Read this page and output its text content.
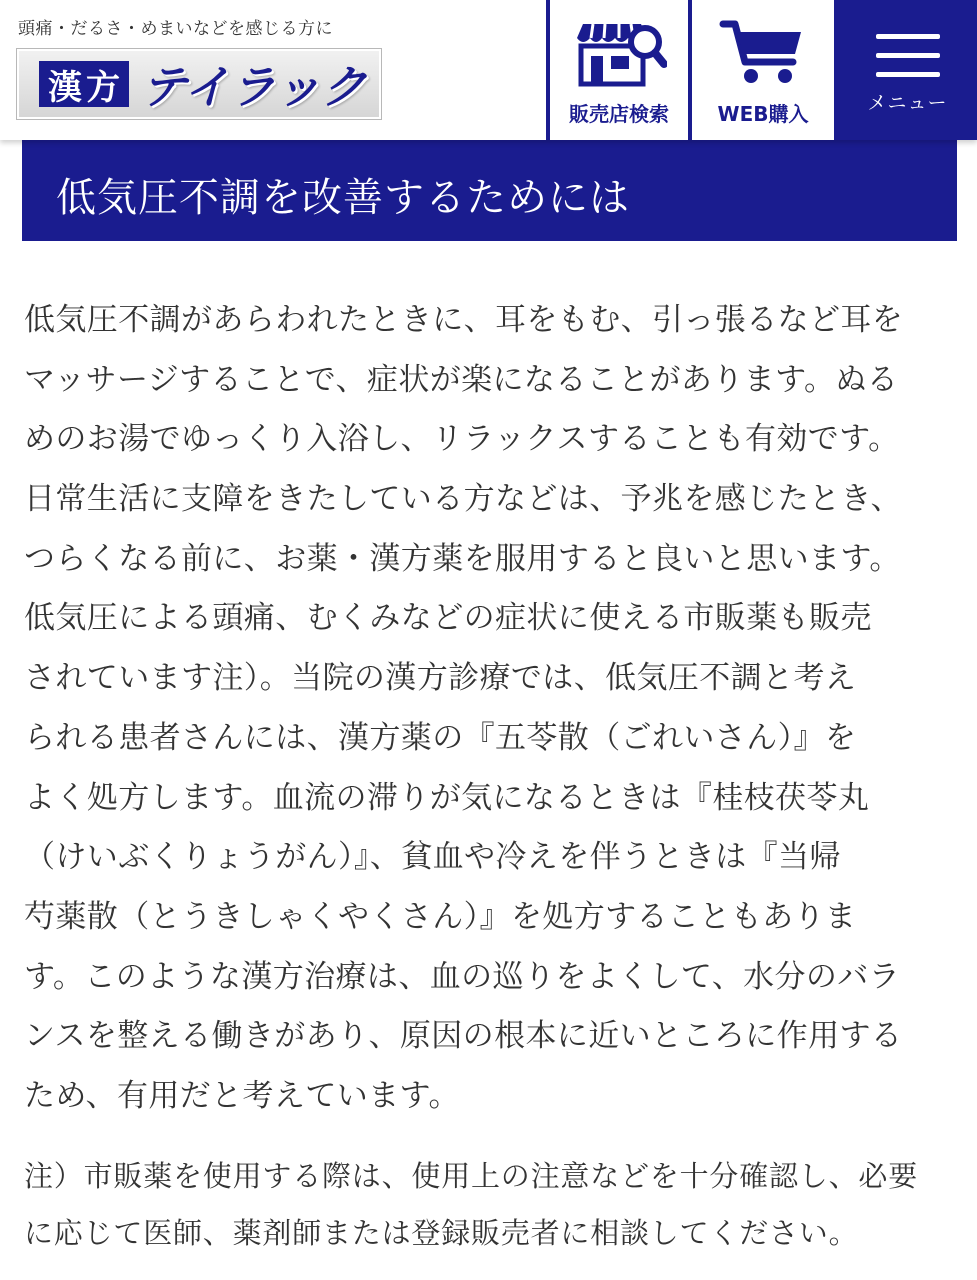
頭痛・だるさ・めまいなどを感じる方に
漢方 テイラック	販売店検索 WEB購入	メニュー
低気圧不調を改善するためには
低気圧不調があらわれたときに、耳をもむ、引っ張るなど耳を
マッサージすることで、症状が楽になることがあります。ぬる
めのお湯でゆっくり入浴し、リラックスすることも有効です。
日常生活に支障をきたしている方などは、予兆を感じたとき、
つらくなる前に、お薬・漢方薬を服用すると良いと思います。
低気圧による頭痛、むくみなどの症状に使える市販薬も販売
されています注）。当院の漢方診療では、低気圧不調と考え
られる患者さんには、漢方薬の『五苓散（ごれいさん）』を
よく処方します。血流の滞りが気になるときは『桂枝茯苓丸
（けいぶくりょうがん）』、貧血や冷えを伴うときは『当帰
芍薬散（とうきしゃくやくさん）』を処方することもありま
す。このような漢方治療は、血の巡りをよくして、水分のバラ
ンスを整える働きがあり、原因の根本に近いところに作用する
ため、有用だと考えています。
注）市販薬を使用する際は、使用上の注意などを十分確認し、必要
に応じて医師、薬剤師または登録販売者に相談してください。
